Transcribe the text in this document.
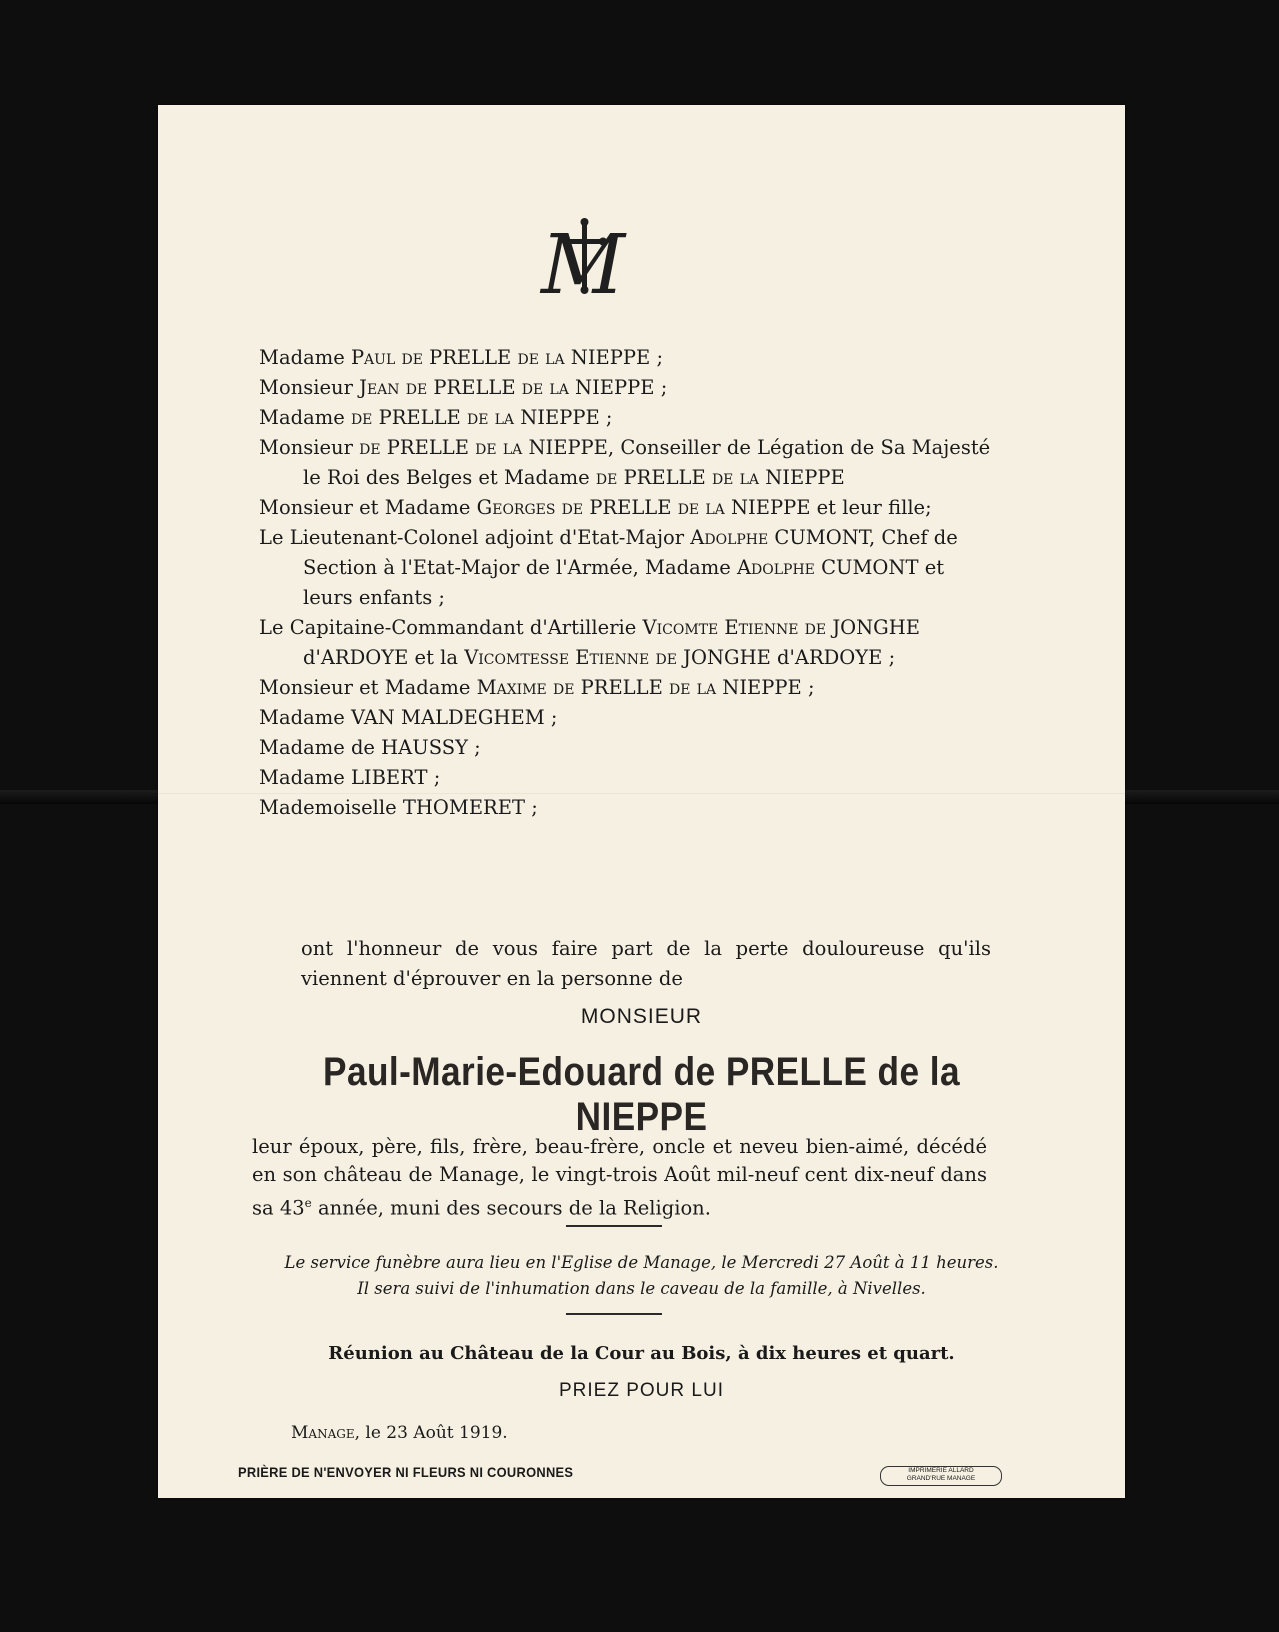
M
Madame Paul de PRELLE de la NIEPPE ;
Monsieur Jean de PRELLE de la NIEPPE ;
Madame de PRELLE de la NIEPPE ;
Monsieur de PRELLE de la NIEPPE, Conseiller de Légation de Sa Majesté
le Roi des Belges et Madame de PRELLE de la NIEPPE
Monsieur et Madame Georges de PRELLE de la NIEPPE et leur fille;
Le Lieutenant-Colonel adjoint d'Etat-Major Adolphe CUMONT, Chef de
Section à l'Etat-Major de l'Armée, Madame Adolphe CUMONT et
leurs enfants ;
Le Capitaine-Commandant d'Artillerie Vicomte Etienne de JONGHE
d'ARDOYE et la Vicomtesse Etienne de JONGHE d'ARDOYE ;
Monsieur et Madame Maxime de PRELLE de la NIEPPE ;
Madame VAN MALDEGHEM ;
Madame de HAUSSY ;
Madame LIBERT ;
Mademoiselle THOMERET ;
ont l'honneur de vous faire part de la perte douloureuse qu'ils
viennent d'éprouver en la personne de
MONSIEUR
Paul-Marie-Edouard de PRELLE de la NIEPPE
leur époux, père, fils, frère, beau-frère, oncle et neveu bien-aimé, décédé
en son château de Manage, le vingt-trois Août mil-neuf cent dix-neuf dans
sa 43e année, muni des secours de la Religion.
Le service funèbre aura lieu en l'Eglise de Manage, le Mercredi 27 Août à 11 heures.
Il sera suivi de l'inhumation dans le caveau de la famille, à Nivelles.
Réunion au Château de la Cour au Bois, à dix heures et quart.
PRIEZ POUR LUI
Manage, le 23 Août 1919.
PRIÈRE DE N'ENVOYER NI FLEURS NI COURONNES	IMPRIMERIE ALLARD
GRAND'RUE MANAGE
